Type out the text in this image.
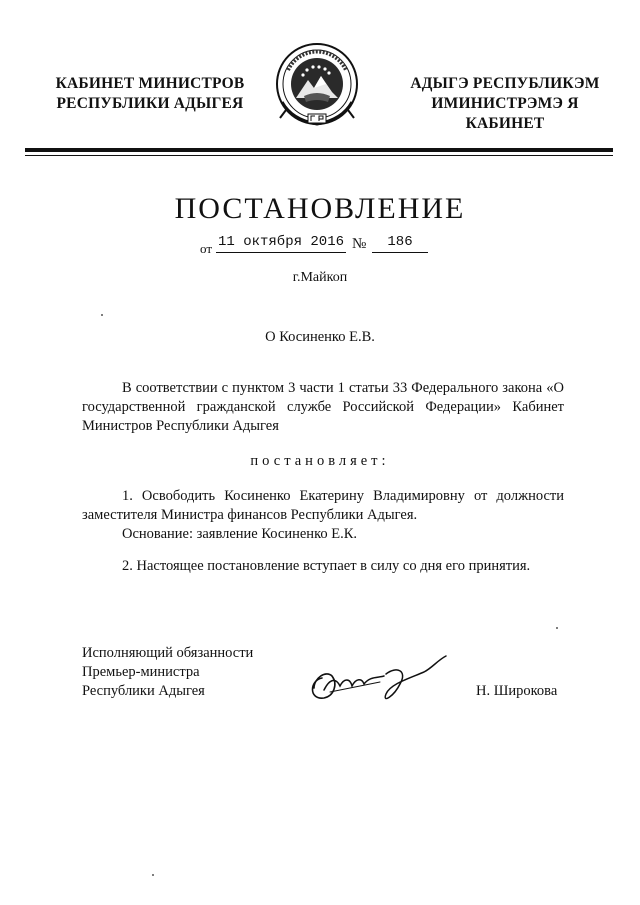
КАБИНЕТ МИНИСТРОВ
РЕСПУБЛИКИ АДЫГЕЯ
АДЫГЭ РЕСПУБЛИКЭМ
ИМИНИСТРЭМЭ Я КАБИНЕТ
ПОСТАНОВЛЕНИЕ
от 11 октября 2016 №	186
г.Майкоп
О Косиненко Е.В.
В соответствии с пунктом 3 части 1 статьи 33 Федерального закона «О государственной гражданской службе Российской Федерации» Кабинет Министров Республики Адыгея
постановляет:
1. Освободить Косиненко Екатерину Владимировну от должности заместителя Министра финансов Республики Адыгея.
Основание: заявление Косиненко Е.К.
2. Настоящее постановление вступает в силу со дня его принятия.
Исполняющий обязанности
Премьер-министра
Республики Адыгея	Н. Широкова
